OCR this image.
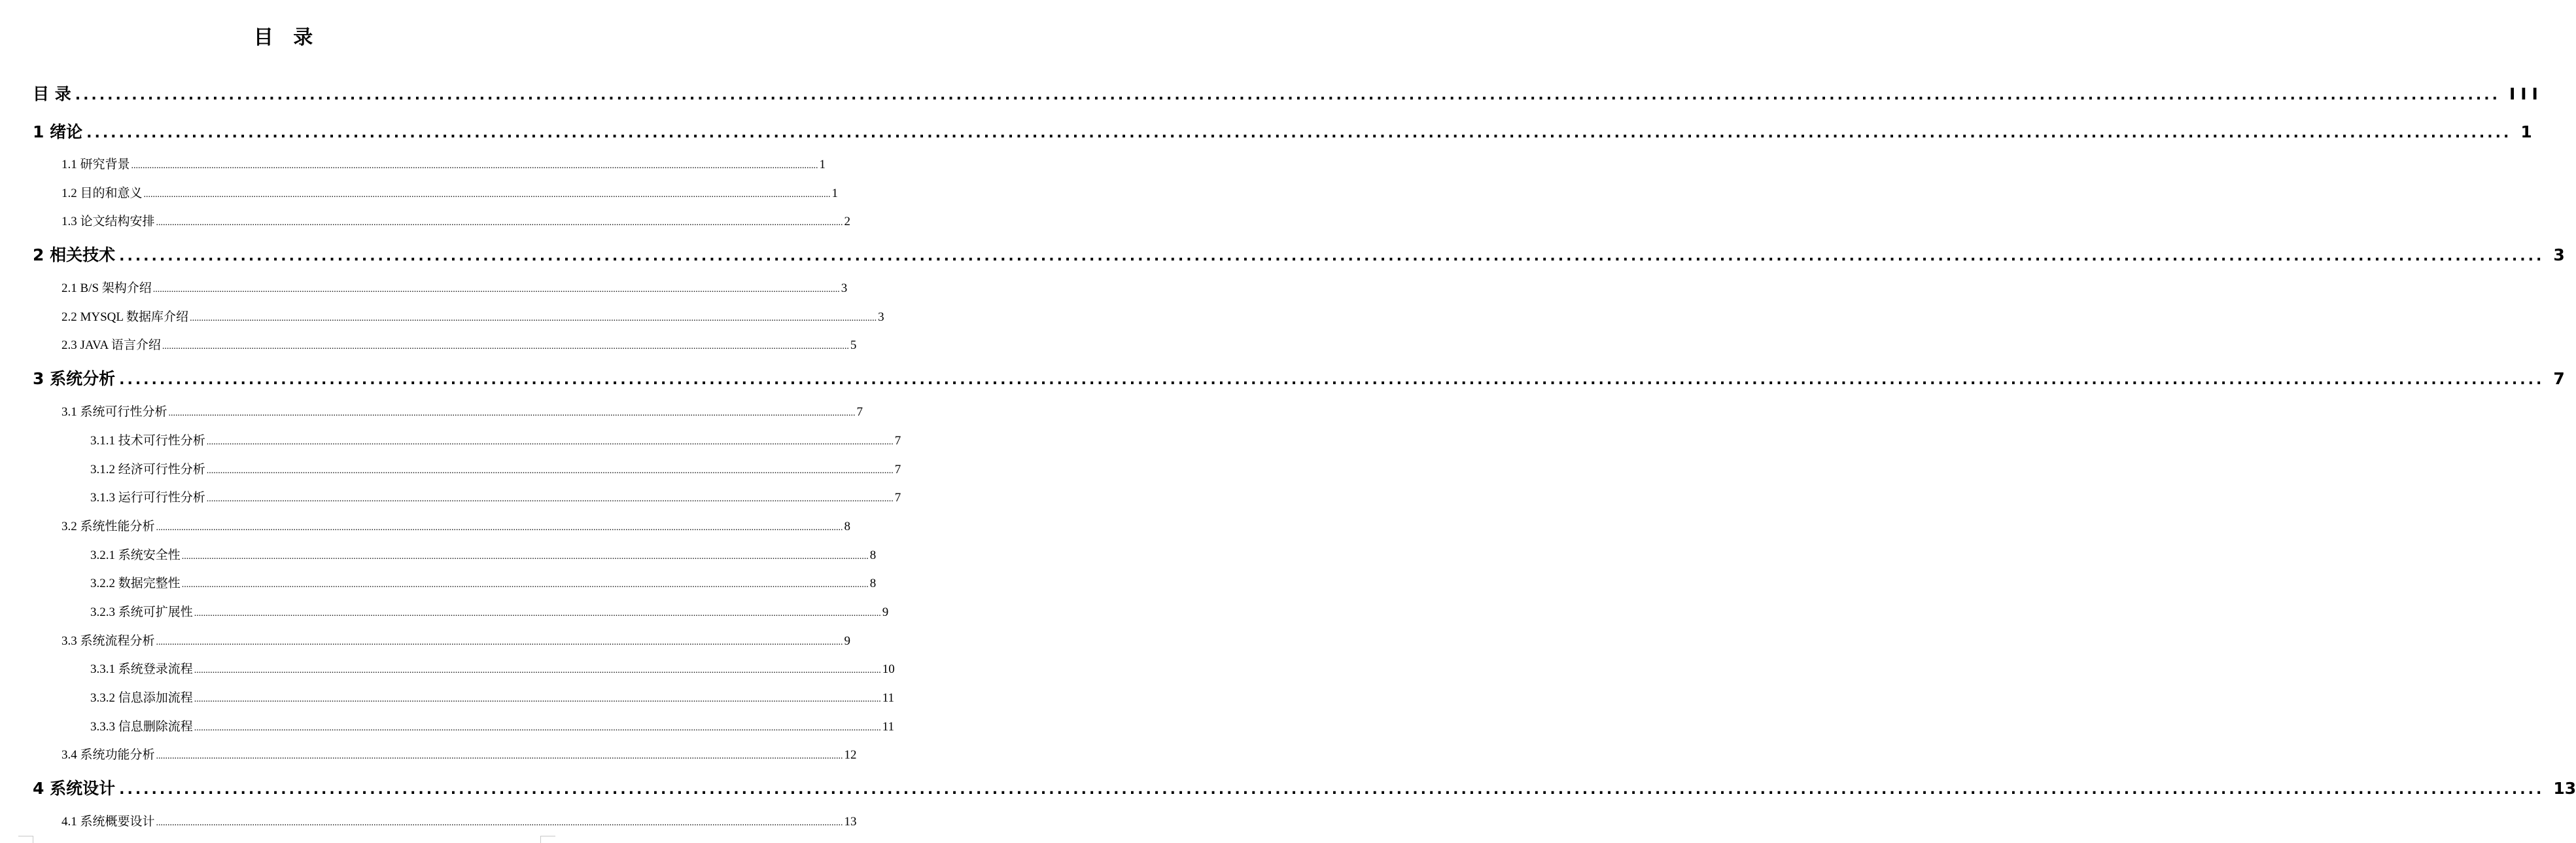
目 录
目 录 ............................................................................................................................................................................................................................................................................................................ III
1 绪论 ............................................................................................................................................................................................................................................................................................................ 1
1.1 研究背景 ............................................................................................................................................................................................................................................................................................................ 1
1.2 目的和意义 ............................................................................................................................................................................................................................................................................................................ 1
1.3 论文结构安排 ............................................................................................................................................................................................................................................................................................................ 2
2 相关技术 ............................................................................................................................................................................................................................................................................................................ 3
2.1 B/S 架构介绍 ............................................................................................................................................................................................................................................................................................................ 3
2.2 MYSQL 数据库介绍 ............................................................................................................................................................................................................................................................................................................ 3
2.3 JAVA 语言介绍 ............................................................................................................................................................................................................................................................................................................ 5
3 系统分析 ............................................................................................................................................................................................................................................................................................................ 7
3.1 系统可行性分析 ............................................................................................................................................................................................................................................................................................................ 7
3.1.1 技术可行性分析 ............................................................................................................................................................................................................................................................................................................ 7
3.1.2 经济可行性分析 ............................................................................................................................................................................................................................................................................................................ 7
3.1.3 运行可行性分析 ............................................................................................................................................................................................................................................................................................................ 7
3.2 系统性能分析 ............................................................................................................................................................................................................................................................................................................ 8
3.2.1 系统安全性 ............................................................................................................................................................................................................................................................................................................ 8
3.2.2 数据完整性 ............................................................................................................................................................................................................................................................................................................ 8
3.2.3 系统可扩展性 ............................................................................................................................................................................................................................................................................................................ 9
3.3 系统流程分析 ............................................................................................................................................................................................................................................................................................................ 9
3.3.1 系统登录流程 ............................................................................................................................................................................................................................................................................................................ 10
3.3.2 信息添加流程 ............................................................................................................................................................................................................................................................................................................ 11
3.3.3 信息删除流程 ............................................................................................................................................................................................................................................................................................................ 11
3.4 系统功能分析 ............................................................................................................................................................................................................................................................................................................ 12
4 系统设计 ............................................................................................................................................................................................................................................................................................................ 13
4.1 系统概要设计 ............................................................................................................................................................................................................................................................................................................ 13
